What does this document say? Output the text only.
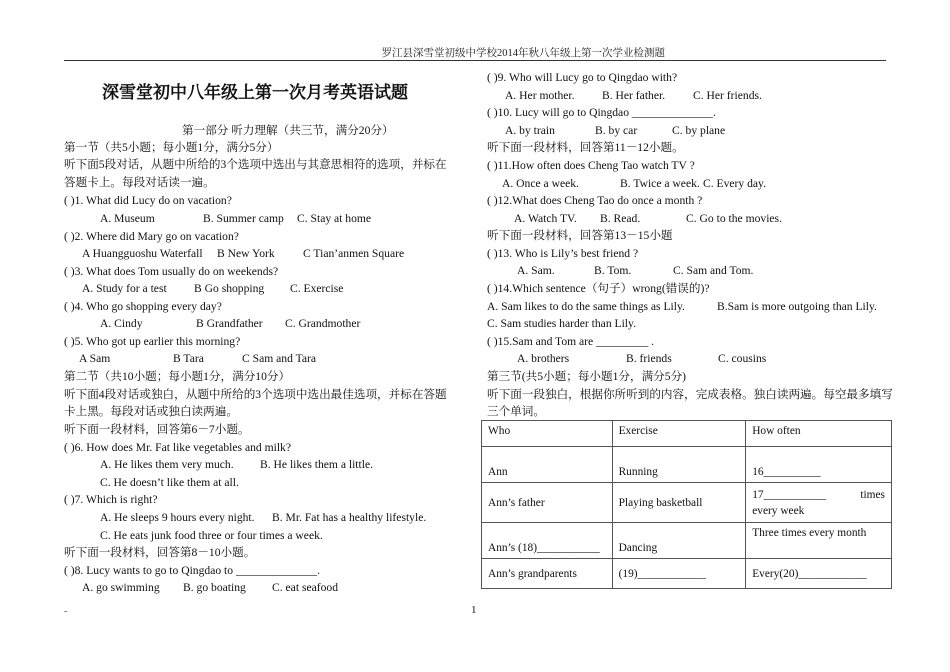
罗江县深雪堂初级中学校2014年秋八年级上第一次学业检测题
深雪堂初中八年级上第一次月考英语试题
第一部分 听力理解（共三节，满分20分）
第一节（共5小题；每小题1分，满分5分）
听下面5段对话，从题中所给的3个选项中选出与其意思相符的选项，并标在
答题卡上。每段对话读一遍。
( )1. What did Lucy do on vacation?
A. Museum	B. Summer camp C. Stay at home
( )2. Where did Mary go on vacation?
A Huangguoshu Waterfall B New York C Tian’anmen Square
( )3. What does Tom usually do on weekends?
A. Study for a test B Go shopping C. Exercise
( )4. Who go shopping every day?
A. Cindy	B Grandfather C. Grandmother
( )5. Who got up earlier this morning?
A Sam	B Tara	C Sam and Tara
第二节（共10小题；每小题1分，满分10分）
听下面4段对话或独白，从题中所给的3个选项中选出最佳选项，并标在答题
卡上黑。每段对话或独白读两遍。
听下面一段材料，回答第6－7小题。
( )6. How does Mr. Fat like vegetables and milk?
A. He likes them very much. B. He likes them a little.
C. He doesn’t like them at all.
( )7. Which is right?
A. He sleeps 9 hours every night. B. Mr. Fat has a healthy lifestyle.
C. He eats junk food three or four times a week.
听下面一段材料，回答第8－10小题。
( )8. Lucy wants to go to Qingdao to ______________.
A. go swimming B. go boating C. eat seafood
( )9. Who will Lucy go to Qingdao with?
A. Her mother. B. Her father. C. Her friends.
( )10. Lucy will go to Qingdao ______________.
A. by train	B. by car	C. by plane
听下面一段材料，回答第11－12小题。
( )11.How often does Cheng Tao watch TV ?
A. Once a week.	B. Twice a week. C. Every day.
( )12.What does Cheng Tao do once a month ?
A. Watch TV. B. Read.	C. Go to the movies.
听下面一段材料，回答第13－15小题
( )13. Who is Lily’s best friend ?
A. Sam.	B. Tom.	C. Sam and Tom.
( )14.Which sentence（句子）wrong(错误的)?
A. Sam likes to do the same things as Lily.	B.Sam is more outgoing than Lily.
C. Sam studies harder than Lily.
( )15.Sam and Tom are _________ .
A. brothers	B. friends	C. cousins
第三节(共5小题；每小题1分，满分5分)
听下面一段独白，根据你所听到的内容，完成表格。独白读两遍。每空最多填写
三个单词。
Who	Exercise	How often
Ann	Running	16__________
Ann’s father	Playing basketball	17___________ times
every week

Ann’s (18)___________	Dancing	Three times every month
Ann’s grandparents	(19)____________	Every(20)____________
-	1
